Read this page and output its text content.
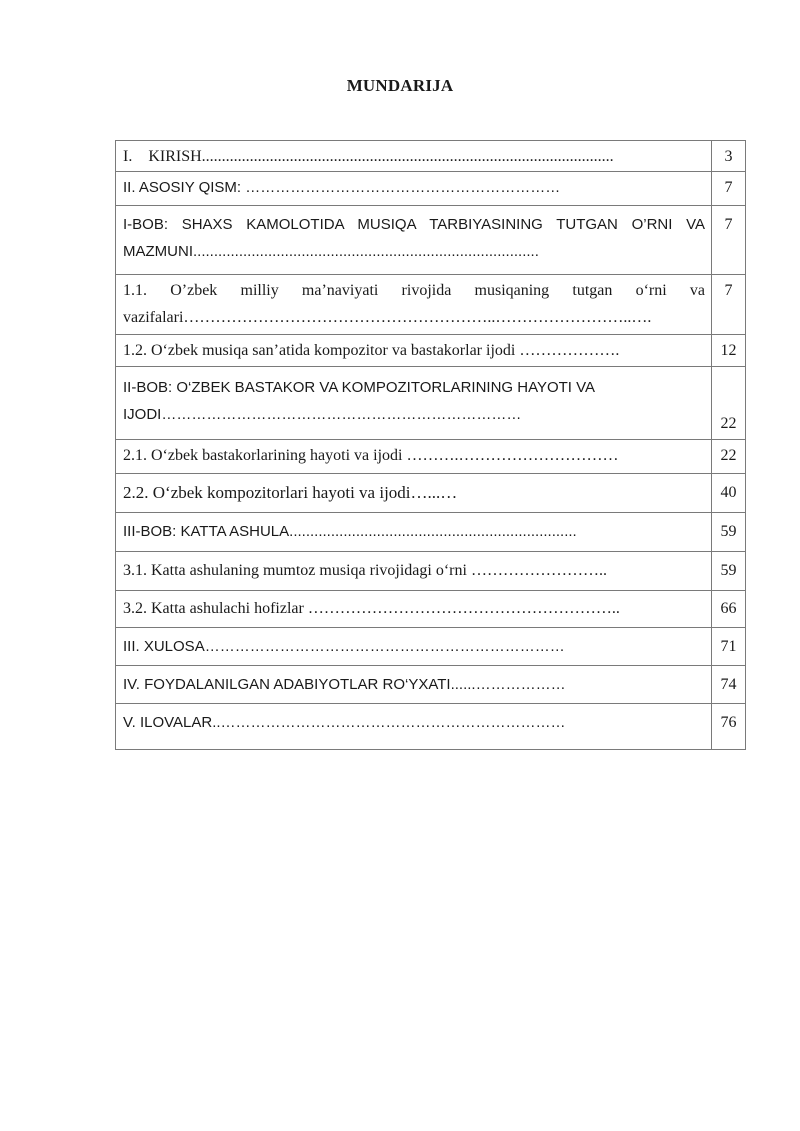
MUNDARIJA
I.    KIRISH.......................................................................................................	3

II. ASOSIY QISM: ………………………………………………………	7

I-BOB: SHAXS KAMOLOTIDA MUSIQA TARBIYASINING TUTGAN O’RNI VA MAZMUNI...................................................................................	7

1.1. O’zbek milliy ma’naviyati rivojida musiqaning tutgan o‘rni va vazifalari…………………………………………………..……………………..….	7

1.2. O‘zbek musiqa san’atida kompozitor va bastakorlar ijodi ……………….	12

II-BOB: O‘ZBEK BASTAKOR VA KOMPOZITORLARINING HAYOTI VA IJODI………………………………………………………………	22

2.1. O‘zbek bastakorlarining hayoti va ijodi ……….…………………………	22

2.2. O‘zbek kompozitorlari hayoti va ijodi…...…	40

III-BOB: KATTA ASHULA.....................................................................	59

3.1. Katta ashulaning mumtoz musiqa rivojidagi o‘rni ……………………..	59

3.2. Katta ashulachi hofizlar …………………………………………………..	66

III. XULOSA………………………………………………………………	71

IV. FOYDALANILGAN ADABIYOTLAR RO‘YXATI......………………	74

V. ILOVALAR..……………………………………………………………	76
